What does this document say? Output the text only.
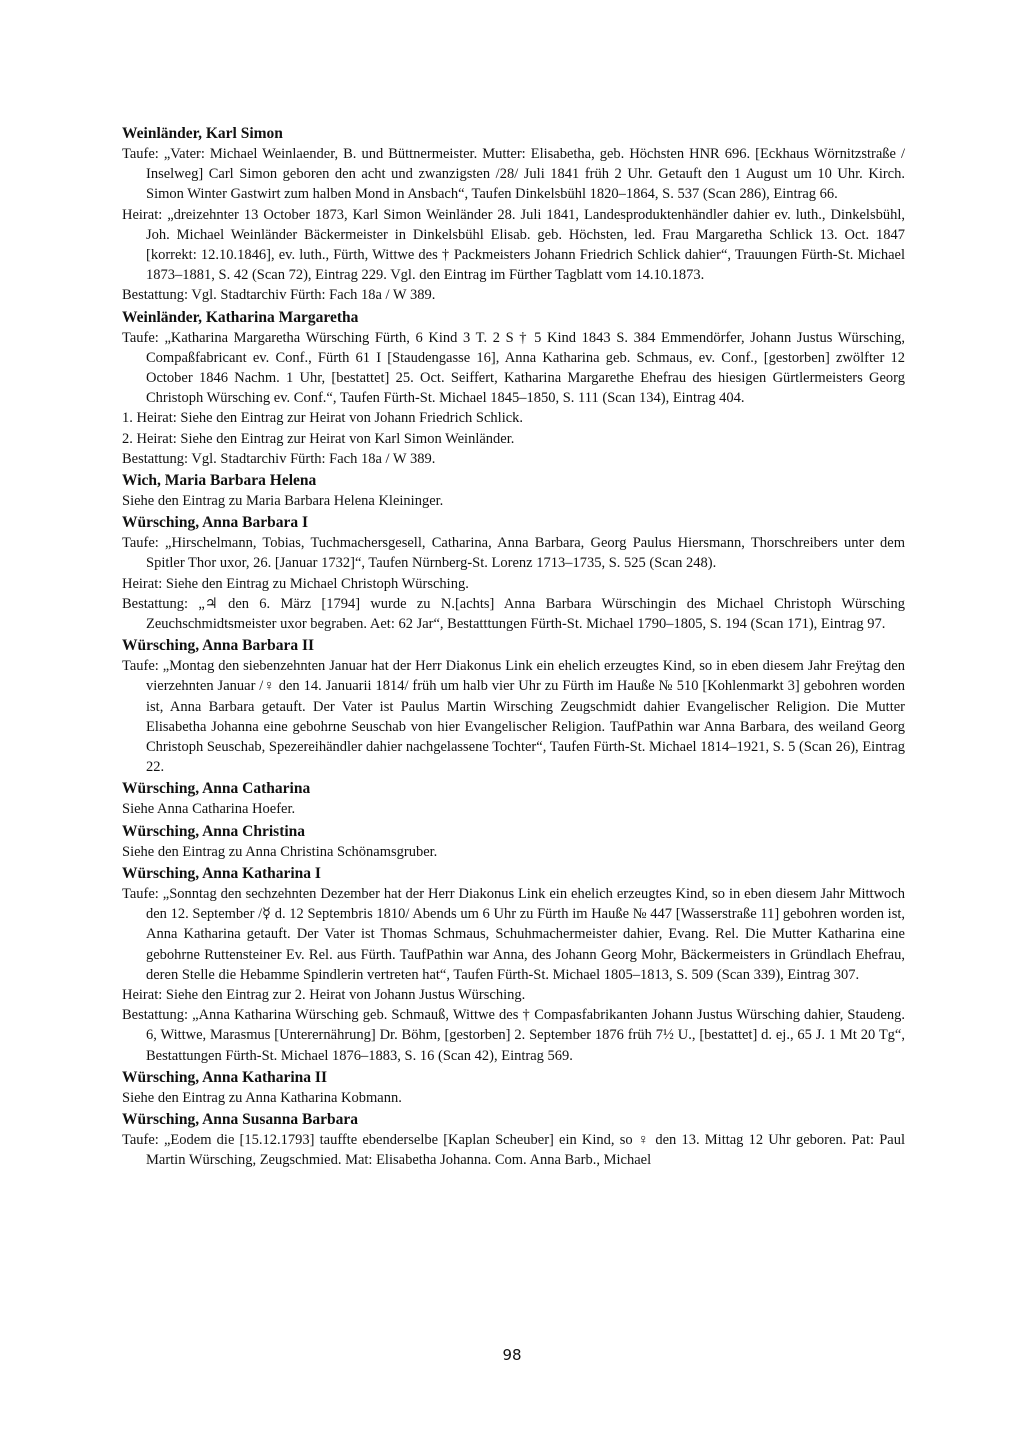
Weinländer, Karl Simon

Taufe: „Vater: Michael Weinlaender, B. und Büttnermeister. Mutter: Elisabetha, geb. Höchsten HNR 696. [Eckhaus Wörnitzstraße / Inselweg] Carl Simon geboren den acht und zwanzigsten /28/ Juli 1841 früh 2 Uhr. Getauft den 1 August um 10 Uhr. Kirch. Simon Winter Gastwirt zum halben Mond in Ansbach“, Taufen Dinkelsbühl 1820–1864, S. 537 (Scan 286), Eintrag 66.

Heirat: „dreizehnter 13 October 1873, Karl Simon Weinländer 28. Juli 1841, Landesproduktenhändler dahier ev. luth., Dinkelsbühl, Joh. Michael Weinländer Bäckermeister in Dinkelsbühl Elisab. geb. Höchsten, led. Frau Margaretha Schlick 13. Oct. 1847 [korrekt: 12.10.1846], ev. luth., Fürth, Wittwe des † Packmeisters Johann Friedrich Schlick dahier“, Trauungen Fürth-St. Michael 1873–1881, S. 42 (Scan 72), Eintrag 229. Vgl. den Eintrag im Fürther Tagblatt vom 14.10.1873.

Bestattung: Vgl. Stadtarchiv Fürth: Fach 18a / W 389.

Weinländer, Katharina Margaretha

Taufe: „Katharina Margaretha Würsching Fürth, 6 Kind 3 T. 2 S † 5 Kind 1843 S. 384 Emmendörfer, Johann Justus Würsching, Compaßfabricant ev. Conf., Fürth 61 I [Staudengasse 16], Anna Katharina geb. Schmaus, ev. Conf., [gestorben] zwölfter 12 October 1846 Nachm. 1 Uhr, [bestattet] 25. Oct. Seiffert, Katharina Margarethe Ehefrau des hiesigen Gürtlermeisters Georg Christoph Würsching ev. Conf.“, Taufen Fürth-St. Michael 1845–1850, S. 111 (Scan 134), Eintrag 404.

1. Heirat: Siehe den Eintrag zur Heirat von Johann Friedrich Schlick.

2. Heirat: Siehe den Eintrag zur Heirat von Karl Simon Weinländer.

Bestattung: Vgl. Stadtarchiv Fürth: Fach 18a / W 389.

Wich, Maria Barbara Helena

Siehe den Eintrag zu Maria Barbara Helena Kleininger.

Würsching, Anna Barbara I

Taufe: „Hirschelmann, Tobias, Tuchmachersgesell, Catharina, Anna Barbara, Georg Paulus Hiersmann, Thorschreibers unter dem Spitler Thor uxor, 26. [Januar 1732]“, Taufen Nürnberg-St. Lorenz 1713–1735, S. 525 (Scan 248).

Heirat: Siehe den Eintrag zu Michael Christoph Würsching.

Bestattung: „♃ den 6. März [1794] wurde zu N.[achts] Anna Barbara Würschingin des Michael Christoph Würsching Zeuchschmidtsmeister uxor begraben. Aet: 62 Jar“, Bestatttungen Fürth-St. Michael 1790–1805, S. 194 (Scan 171), Eintrag 97.

Würsching, Anna Barbara II

Taufe: „Montag den siebenzehnten Januar hat der Herr Diakonus Link ein ehelich erzeugtes Kind, so in eben diesem Jahr Freÿtag den vierzehnten Januar /♀ den 14. Januarii 1814/ früh um halb vier Uhr zu Fürth im Hauße № 510 [Kohlenmarkt 3] gebohren worden ist, Anna Barbara getauft. Der Vater ist Paulus Martin Wirsching Zeugschmidt dahier Evangelischer Religion. Die Mutter Elisabetha Johanna eine gebohrne Seuschab von hier Evangelischer Religion. TaufPathin war Anna Barbara, des weiland Georg Christoph Seuschab, Spezereihändler dahier nachgelassene Tochter“, Taufen Fürth-St. Michael 1814–1921, S. 5 (Scan 26), Eintrag 22.

Würsching, Anna Catharina

Siehe Anna Catharina Hoefer.

Würsching, Anna Christina

Siehe den Eintrag zu Anna Christina Schönamsgruber.

Würsching, Anna Katharina I

Taufe: „Sonntag den sechzehnten Dezember hat der Herr Diakonus Link ein ehelich erzeugtes Kind, so in eben diesem Jahr Mittwoch den 12. September /☿ d. 12 Septembris 1810/ Abends um 6 Uhr zu Fürth im Hauße № 447 [Wasserstraße 11] gebohren worden ist, Anna Katharina getauft. Der Vater ist Thomas Schmaus, Schuhmachermeister dahier, Evang. Rel. Die Mutter Katharina eine gebohrne Ruttensteiner Ev. Rel. aus Fürth. TaufPathin war Anna, des Johann Georg Mohr, Bäckermeisters in Gründlach Ehefrau, deren Stelle die Hebamme Spindlerin vertreten hat“, Taufen Fürth-St. Michael 1805–1813, S. 509 (Scan 339), Eintrag 307.

Heirat: Siehe den Eintrag zur 2. Heirat von Johann Justus Würsching.

Bestattung: „Anna Katharina Würsching geb. Schmauß, Wittwe des † Compasfabrikanten Johann Justus Würsching dahier, Staudeng. 6, Wittwe, Marasmus [Unterernährung] Dr. Böhm, [gestorben] 2. September 1876 früh 7½ U., [bestattet] d. ej., 65 J. 1 Mt 20 Tg“, Bestattungen Fürth-St. Michael 1876–1883, S. 16 (Scan 42), Eintrag 569.

Würsching, Anna Katharina II

Siehe den Eintrag zu Anna Katharina Kobmann.

Würsching, Anna Susanna Barbara

Taufe: „Eodem die [15.12.1793] tauffte ebenderselbe [Kaplan Scheuber] ein Kind, so ♀ den 13. Mittag 12 Uhr geboren. Pat: Paul Martin Würsching, Zeugschmied. Mat: Elisabetha Johanna. Com. Anna Barb., Michael

98
